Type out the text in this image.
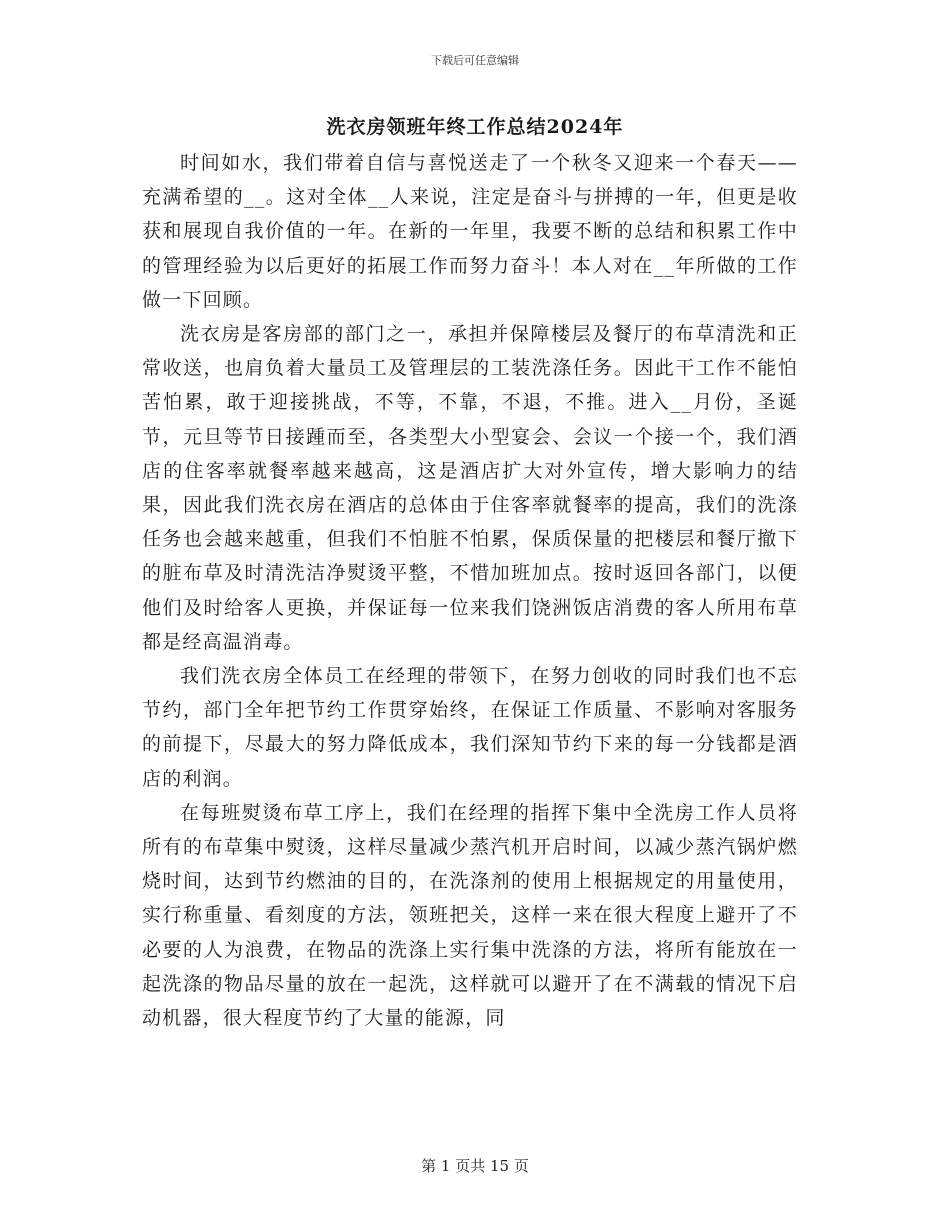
下载后可任意编辑
洗衣房领班年终工作总结2024年

时间如水，我们带着自信与喜悦送走了一个秋冬又迎来一个春天——充满希望的__。这对全体__人来说，注定是奋斗与拼搏的一年，但更是收获和展现自我价值的一年。在新的一年里，我要不断的总结和积累工作中的管理经验为以后更好的拓展工作而努力奋斗！本人对在__年所做的工作做一下回顾。

洗衣房是客房部的部门之一，承担并保障楼层及餐厅的布草清洗和正常收送，也肩负着大量员工及管理层的工装洗涤任务。因此干工作不能怕苦怕累，敢于迎接挑战，不等，不靠，不退，不推。进入__月份，圣诞节，元旦等节日接踵而至，各类型大小型宴会、会议一个接一个，我们酒店的住客率就餐率越来越高，这是酒店扩大对外宣传，增大影响力的结果，因此我们洗衣房在酒店的总体由于住客率就餐率的提高，我们的洗涤任务也会越来越重，但我们不怕脏不怕累，保质保量的把楼层和餐厅撤下的脏布草及时清洗洁净熨烫平整，不惜加班加点。按时返回各部门，以便他们及时给客人更换，并保证每一位来我们饶洲饭店消费的客人所用布草都是经高温消毒。

我们洗衣房全体员工在经理的带领下，在努力创收的同时我们也不忘节约，部门全年把节约工作贯穿始终，在保证工作质量、不影响对客服务的前提下，尽最大的努力降低成本，我们深知节约下来的每一分钱都是酒店的利润。

在每班熨烫布草工序上，我们在经理的指挥下集中全洗房工作人员将所有的布草集中熨烫，这样尽量减少蒸汽机开启时间，以减少蒸汽锅炉燃烧时间，达到节约燃油的目的，在洗涤剂的使用上根据规定的用量使用，实行称重量、看刻度的方法，领班把关，这样一来在很大程度上避开了不必要的人为浪费，在物品的洗涤上实行集中洗涤的方法，将所有能放在一起洗涤的物品尽量的放在一起洗，这样就可以避开了在不满载的情况下启动机器，很大程度节约了大量的能源，同

第 1 页共 15 页
